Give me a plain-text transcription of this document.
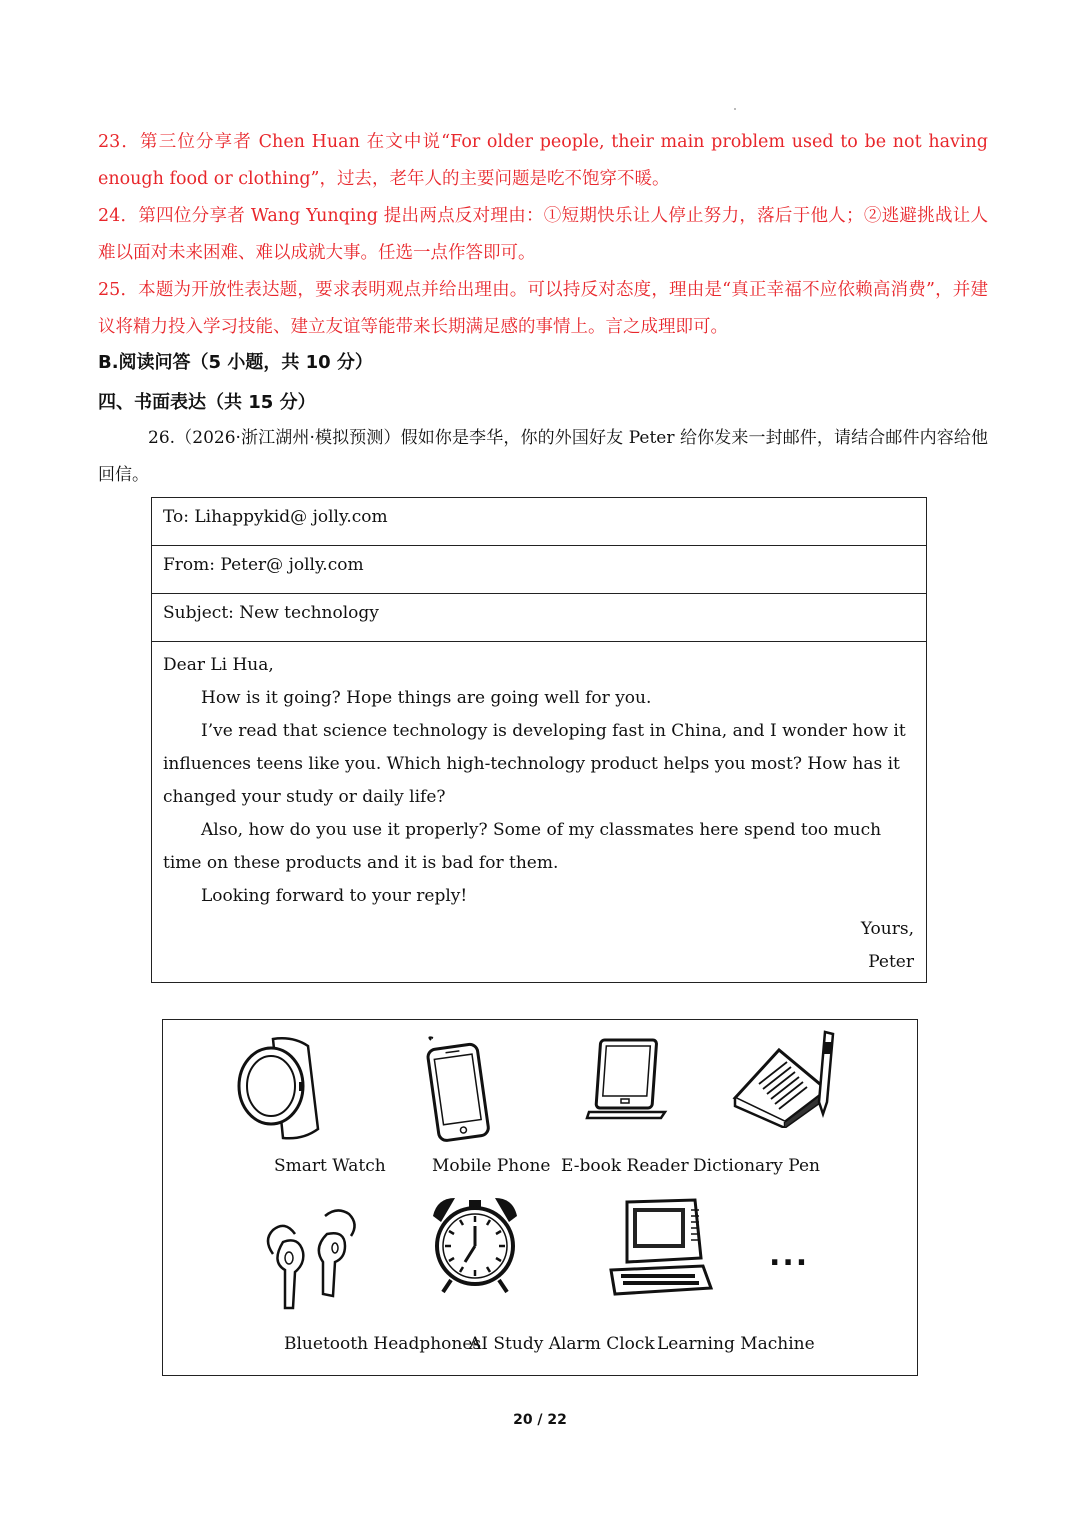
23．第三位分享者 Chen Huan 在文中说“For older people, their main problem used to be not having enough food or clothing”，过去，老年人的主要问题是吃不饱穿不暖。

24．第四位分享者 Wang Yunqing 提出两点反对理由：①短期快乐让人停止努力，落后于他人；②逃避挑战让人难以面对未来困难、难以成就大事。任选一点作答即可。

25．本题为开放性表达题，要求表明观点并给出理由。可以持反对态度，理由是“真正幸福不应依赖高消费”，并建议将精力投入学习技能、建立友谊等能带来长期满足感的事情上。言之成理即可。

B.阅读问答（5 小题，共 10 分）
四、书面表达（共 15 分）

26.（2026·浙江湖州·模拟预测）假如你是李华，你的外国好友 Peter 给你发来一封邮件，请结合邮件内容给他回信。

To: Lihappykid@ jolly.com
From: Peter@ jolly.com
Subject: New technology

Dear Li Hua,

How is it going? Hope things are going well for you.

I’ve read that science technology is developing fast in China, and I wonder how it influences teens like you. Which high-technology product helps you most? How has it changed your study or daily life?

Also, how do you use it properly? Some of my classmates here spend too much time on these products and it is bad for them.

Looking forward to your reply!

Yours,

Peter

...
Smart Watch	Mobile Phone E-book Reader Dictionary Pen
Bluetooth Headphones
AI Study Alarm Clock Learning Machine
20 / 22
